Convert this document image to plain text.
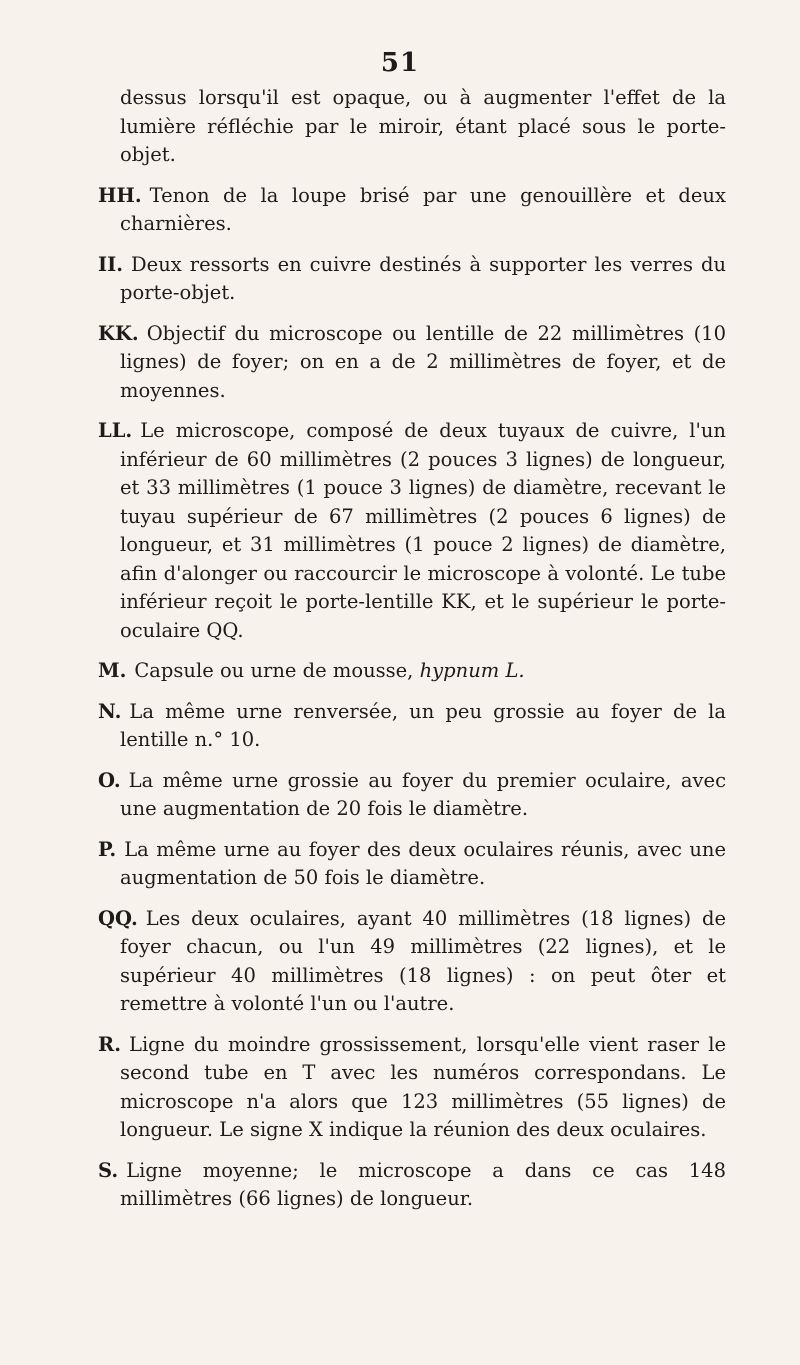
51

dessus lorsqu'il est opaque, ou à augmenter l'effet de la lumière réfléchie par le miroir, étant placé sous le porte-objet.

HH. Tenon de la loupe brisé par une genouillère et deux charnières.

II. Deux ressorts en cuivre destinés à supporter les verres du porte-objet.

KK. Objectif du microscope ou lentille de 22 millimètres (10 lignes) de foyer; on en a de 2 millimètres de foyer, et de moyennes.

LL. Le microscope, composé de deux tuyaux de cuivre, l'un inférieur de 60 millimètres (2 pouces 3 lignes) de longueur, et 33 millimètres (1 pouce 3 lignes) de diamètre, recevant le tuyau supérieur de 67 millimètres (2 pouces 6 lignes) de longueur, et 31 millimètres (1 pouce 2 lignes) de diamètre, afin d'alonger ou raccourcir le microscope à volonté. Le tube inférieur reçoit le porte-lentille KK, et le supérieur le porte-oculaire QQ.

M. Capsule ou urne de mousse, hypnum L.

N. La même urne renversée, un peu grossie au foyer de la lentille n.° 10.

O. La même urne grossie au foyer du premier oculaire, avec une augmentation de 20 fois le diamètre.

P. La même urne au foyer des deux oculaires réunis, avec une augmentation de 50 fois le diamètre.

QQ. Les deux oculaires, ayant 40 millimètres (18 lignes) de foyer chacun, ou l'un 49 millimètres (22 lignes), et le supérieur 40 millimètres (18 lignes) : on peut ôter et remettre à volonté l'un ou l'autre.

R. Ligne du moindre grossissement, lorsqu'elle vient raser le second tube en T avec les numéros correspondans. Le microscope n'a alors que 123 millimètres (55 lignes) de longueur. Le signe X indique la réunion des deux oculaires.

S. Ligne moyenne; le microscope a dans ce cas 148 millimètres (66 lignes) de longueur.
